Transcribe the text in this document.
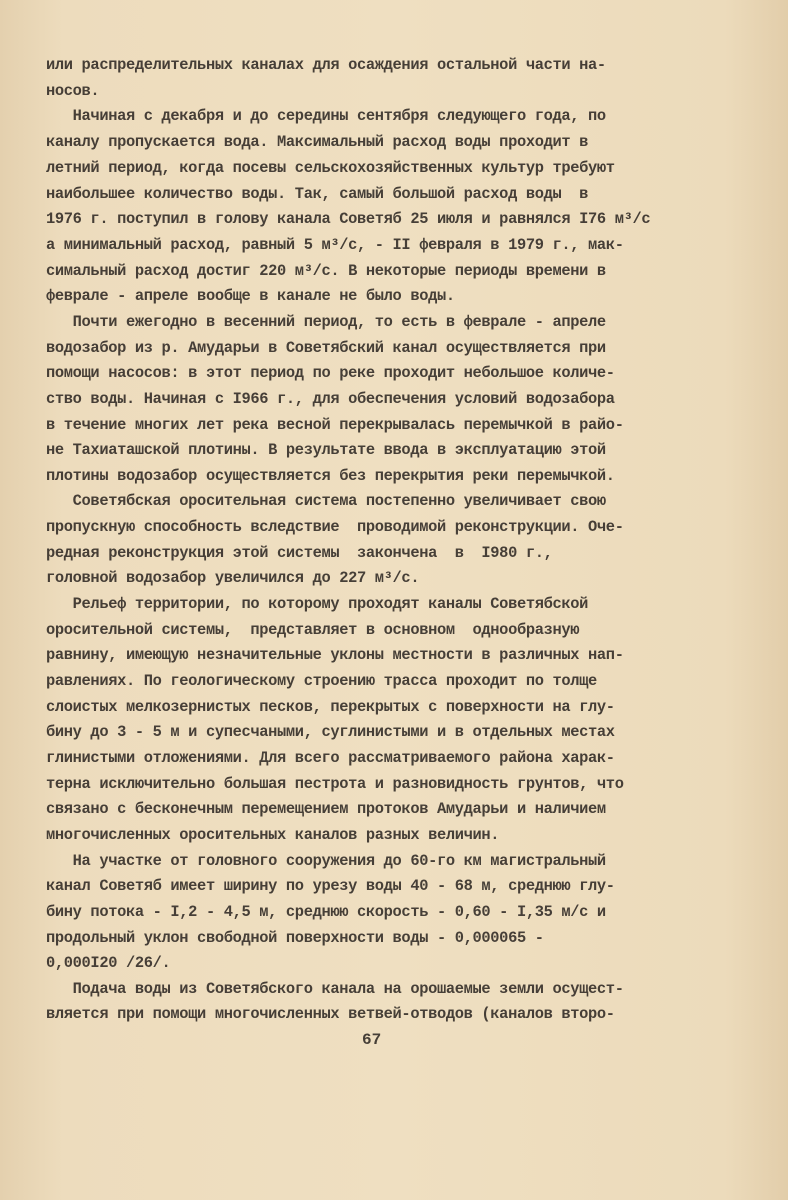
или распределительных каналах для осаждения остальной части на-
носов.
Начиная с декабря и до середины сентября следующего года, по
каналу пропускается вода. Максимальный расход воды проходит в
летний период, когда посевы сельскохозяйственных культур требуют
наибольшее количество воды. Так, самый большой расход воды  в
1976 г. поступил в голову канала Советяб 25 июля и равнялся I76 м³/с
а минимальный расход, равный 5 м³/с, - II февраля в 1979 г., мак-
симальный расход достиг 220 м³/с. В некоторые периоды времени в
феврале - апреле вообще в канале не было воды.
Почти ежегодно в весенний период, то есть в феврале - апреле
водозабор из р. Амударьи в Советябский канал осуществляется при
помощи насосов: в этот период по реке проходит небольшое количе-
ство воды. Начиная с I966 г., для обеспечения условий водозабора
в течение многих лет река весной перекрывалась перемычкой в райо-
не Тахиаташской плотины. В результате ввода в эксплуатацию этой
плотины водозабор осуществляется без перекрытия реки перемычкой.
Советябская оросительная система постепенно увеличивает свою
пропускную способность вследствие  проводимой реконструкции. Оче-
редная реконструкция этой системы  закончена  в  I980 г.,
головной водозабор увеличился до 227 м³/с.
Рельеф территории, по которому проходят каналы Советябской
оросительной системы,  представляет в основном  однообразную
равнину, имеющую незначительные уклоны местности в различных нап-
равлениях. По геологическому строению трасса проходит по толще
слоистых мелкозернистых песков, перекрытых с поверхности на глу-
бину до 3 - 5 м и супесчаными, суглинистыми и в отдельных местах
глинистыми отложениями. Для всего рассматриваемого района харак-
терна исключительно большая пестрота и разновидность грунтов, что
связано с бесконечным перемещением протоков Амударьи и наличием
многочисленных оросительных каналов разных величин.
На участке от головного сооружения до 60-го км магистральный
канал Советяб имеет ширину по урезу воды 40 - 68 м, среднюю глу-
бину потока - I,2 - 4,5 м, среднюю скорость - 0,60 - I,35 м/с и
продольный уклон свободной поверхности воды - 0,000065 -
0,000I20 /26/.
Подача воды из Советябского канала на орошаемые земли осущест-
вляется при помощи многочисленных ветвей-отводов (каналов второ-
67
